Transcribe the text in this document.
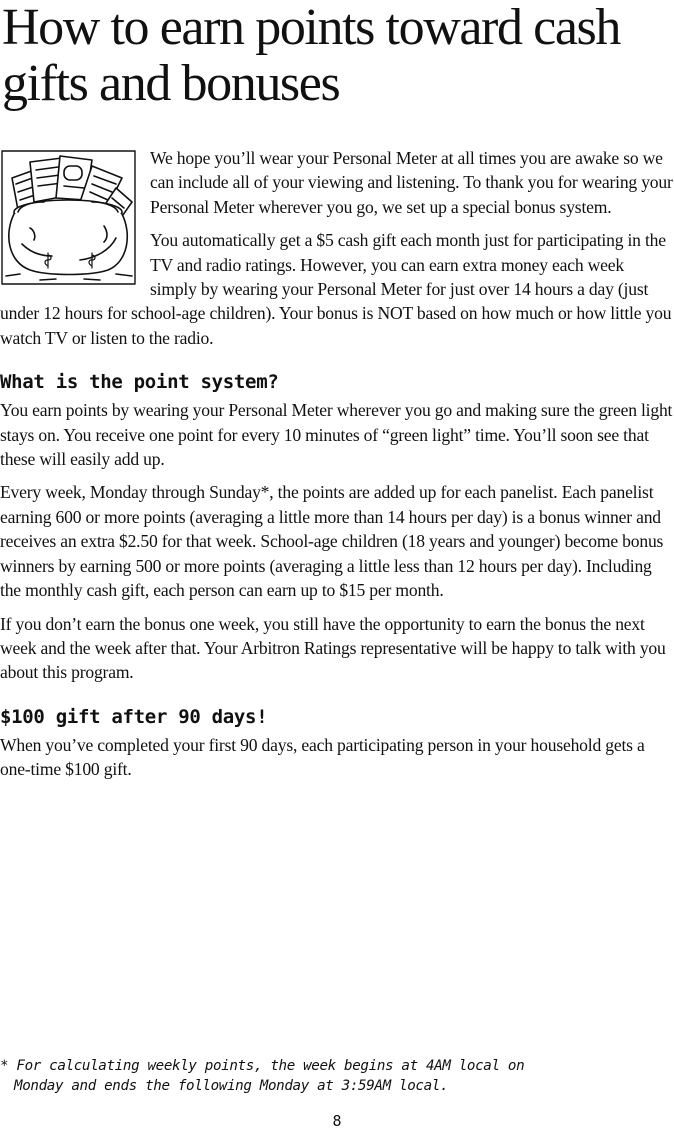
How to earn points toward cash gifts and bonuses

We hope you’ll wear your Personal Meter at all times you are awake so we can include all of your viewing and listening. To thank you for wearing your Personal Meter wherever you go, we set up a special bonus system.

You automatically get a $5 cash gift each month just for participating in the TV and radio ratings. However, you can earn extra money each week simply by wearing your Personal Meter for just over 14 hours a day (just under 12 hours for school-age children). Your bonus is NOT based on how much or how little you watch TV or listen to the radio.

What is the point system?

You earn points by wearing your Personal Meter wherever you go and making sure the green light stays on. You receive one point for every 10 minutes of “green light” time. You’ll soon see that these will easily add up.

Every week, Monday through Sunday*, the points are added up for each panelist. Each panelist earning 600 or more points (averaging a little more than 14 hours per day) is a bonus winner and receives an extra $2.50 for that week. School-age children (18 years and younger) become bonus winners by earning 500 or more points (averaging a little less than 12 hours per day). Including the monthly cash gift, each person can earn up to $15 per month.

If you don’t earn the bonus one week, you still have the opportunity to earn the bonus the next week and the week after that. Your Arbitron Ratings representative will be happy to talk with you about this program.

$100 gift after 90 days!

When you’ve completed your first 90 days, each participating person in your household gets a one-time $100 gift.

* For calculating weekly points, the week begins at 4AM local on
Monday and ends the following Monday at 3:59AM local.
8
